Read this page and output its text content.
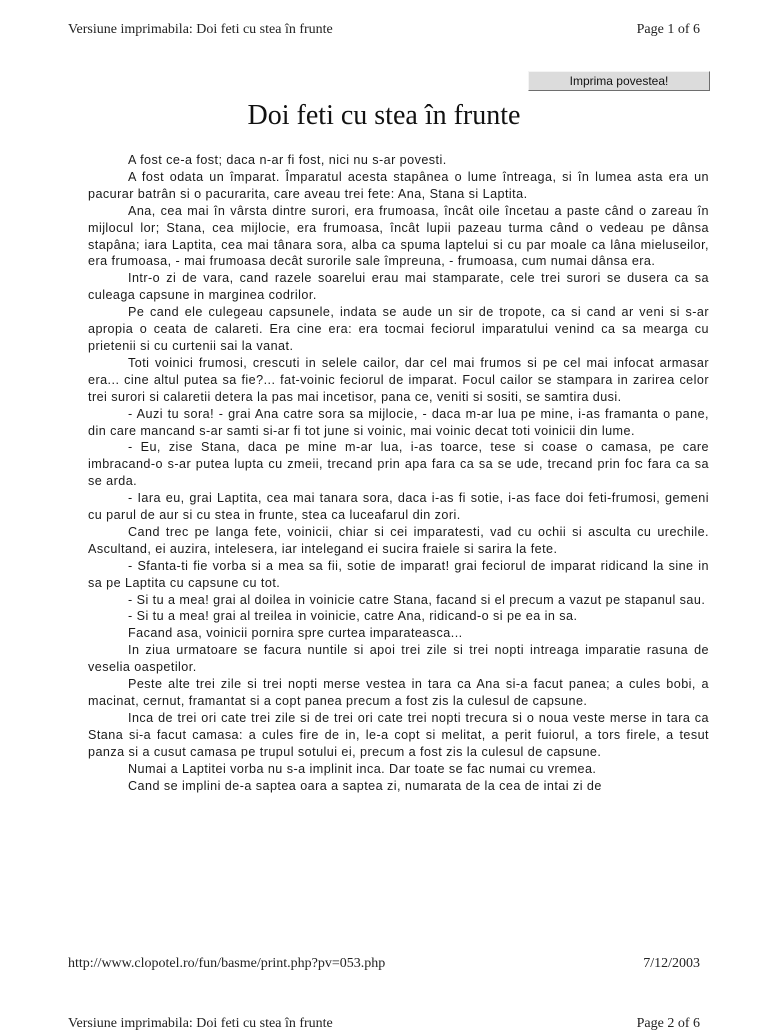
Versiune imprimabila: Doi feti cu stea în frunte	Page 1 of 6
Imprima povestea!
Doi feti cu stea în frunte

A fost ce-a fost; daca n-ar fi fost, nici nu s-ar povesti.

A fost odata un împarat. Împaratul acesta stapânea o lume întreaga, si în lumea asta era un pacurar batrân si o pacurarita, care aveau trei fete: Ana, Stana si Laptita.

Ana, cea mai în vârsta dintre surori, era frumoasa, încât oile încetau a paste când o zareau în mijlocul lor; Stana, cea mijlocie, era frumoasa, încât lupii pazeau turma când o vedeau pe dânsa stapâna; iara Laptita, cea mai tânara sora, alba ca spuma laptelui si cu par moale ca lâna mieluseilor, era frumoasa, - mai frumoasa decât surorile sale împreuna, - frumoasa, cum numai dânsa era.

Intr-o zi de vara, cand razele soarelui erau mai stamparate, cele trei surori se dusera ca sa culeaga capsune in marginea codrilor.

Pe cand ele culegeau capsunele, indata se aude un sir de tropote, ca si cand ar veni si s-ar apropia o ceata de calareti. Era cine era: era tocmai feciorul imparatului venind ca sa mearga cu prietenii si cu curtenii sai la vanat.

Toti voinici frumosi, crescuti in selele cailor, dar cel mai frumos si pe cel mai infocat armasar era... cine altul putea sa fie?... fat-voinic feciorul de imparat. Focul cailor se stampara in zarirea celor trei surori si calaretii detera la pas mai incetisor, pana ce, veniti si sositi, se samtira dusi.

- Auzi tu sora! - grai Ana catre sora sa mijlocie, - daca m-ar lua pe mine, i-as framanta o pane, din care mancand s-ar samti si-ar fi tot june si voinic, mai voinic decat toti voinicii din lume.

- Eu, zise Stana, daca pe mine m-ar lua, i-as toarce, tese si coase o camasa, pe care imbracand-o s-ar putea lupta cu zmeii, trecand prin apa fara ca sa se ude, trecand prin foc fara ca sa se arda.

- Iara eu, grai Laptita, cea mai tanara sora, daca i-as fi sotie, i-as face doi feti-frumosi, gemeni cu parul de aur si cu stea in frunte, stea ca luceafarul din zori.

Cand trec pe langa fete, voinicii, chiar si cei imparatesti, vad cu ochii si asculta cu urechile. Ascultand, ei auzira, intelesera, iar intelegand ei sucira fraiele si sarira la fete.

- Sfanta-ti fie vorba si a mea sa fii, sotie de imparat! grai feciorul de imparat ridicand la sine in sa pe Laptita cu capsune cu tot.

- Si tu a mea! grai al doilea in voinicie catre Stana, facand si el precum a vazut pe stapanul sau.

- Si tu a mea! grai al treilea in voinicie, catre Ana, ridicand-o si pe ea in sa.

Facand asa, voinicii pornira spre curtea imparateasca...

In ziua urmatoare se facura nuntile si apoi trei zile si trei nopti intreaga imparatie rasuna de veselia oaspetilor.

Peste alte trei zile si trei nopti merse vestea in tara ca Ana si-a facut panea; a cules bobi, a macinat, cernut, framantat si a copt panea precum a fost zis la culesul de capsune.

Inca de trei ori cate trei zile si de trei ori cate trei nopti trecura si o noua veste merse in tara ca Stana si-a facut camasa: a cules fire de in, le-a copt si melitat, a perit fuiorul, a tors firele, a tesut panza si a cusut camasa pe trupul sotului ei, precum a fost zis la culesul de capsune.

Numai a Laptitei vorba nu s-a implinit inca. Dar toate se fac numai cu vremea.

Cand se implini de-a saptea oara a saptea zi, numarata de la cea de intai zi de

http://www.clopotel.ro/fun/basme/print.php?pv=053.php	7/12/2003
Versiune imprimabila: Doi feti cu stea în frunte	Page 2 of 6
